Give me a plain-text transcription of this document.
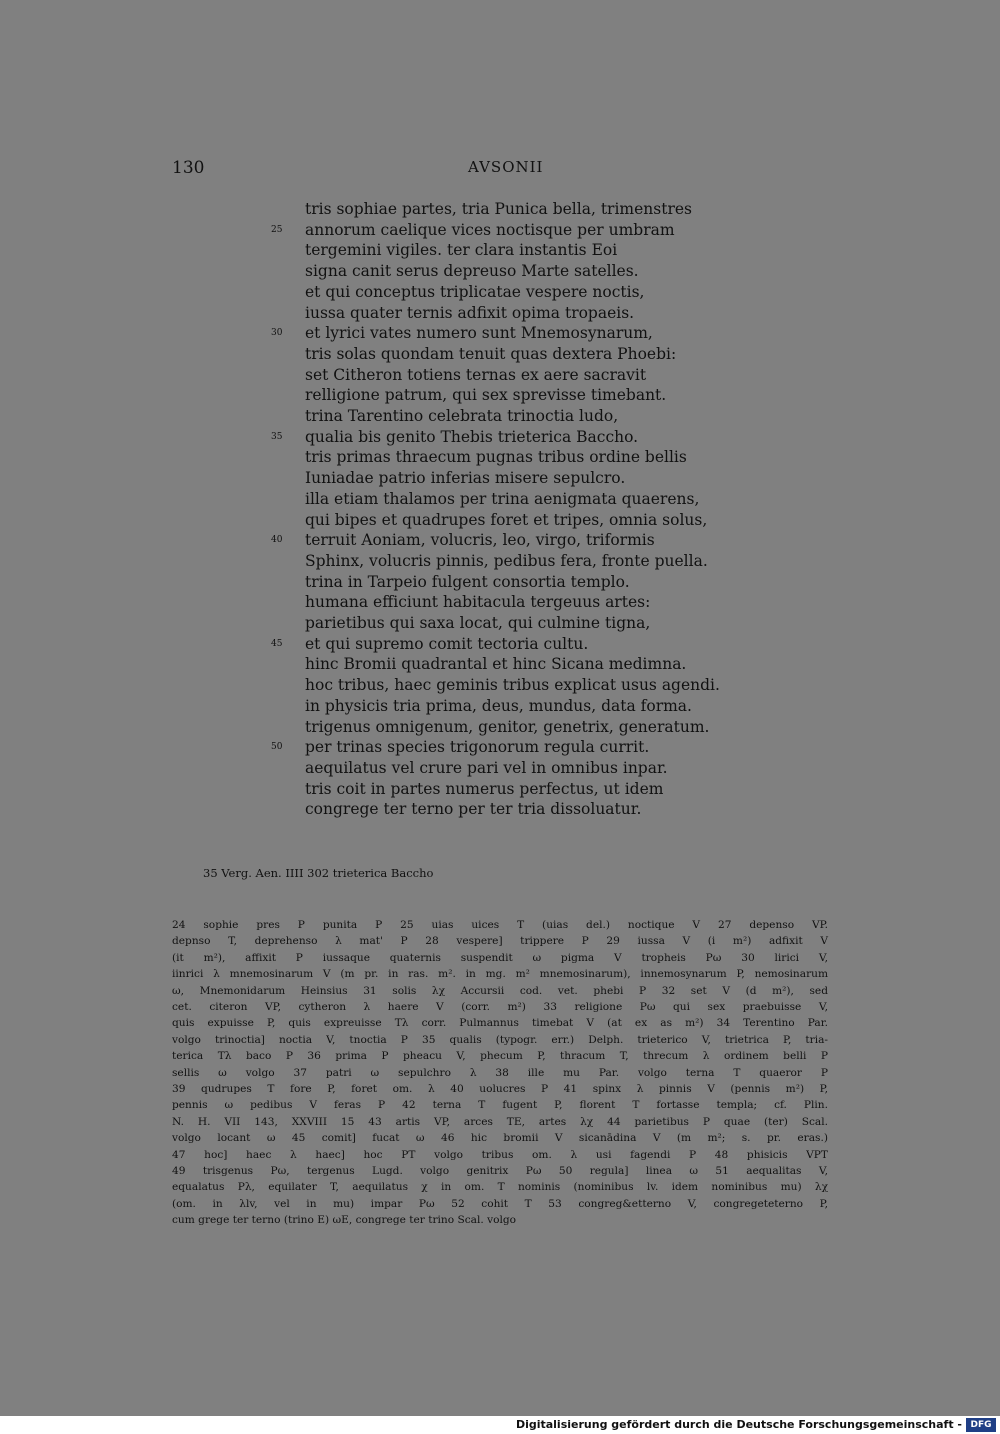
130	AVSONII
tris sophiae partes, tria Punica bella, trimenstres
annorum caelique vices noctisque per umbram
tergemini vigiles. ter clara instantis Eoi
signa canit serus depreuso Marte satelles.
et qui conceptus triplicatae vespere noctis,
iussa quater ternis adfixit opima tropaeis.
et lyrici vates numero sunt Mnemosynarum,
tris solas quondam tenuit quas dextera Phoebi:
set Citheron totiens ternas ex aere sacravit
relligione patrum, qui sex sprevisse timebant.
trina Tarentino celebrata trinoctia ludo,
qualia bis genito Thebis trieterica Baccho.
tris primas thraecum pugnas tribus ordine bellis
Iuniadae patrio inferias misere sepulcro.
illa etiam thalamos per trina aenigmata quaerens,
qui bipes et quadrupes foret et tripes, omnia solus,
terruit Aoniam, volucris, leo, virgo, triformis
Sphinx, volucris pinnis, pedibus fera, fronte puella.
trina in Tarpeio fulgent consortia templo.
humana efficiunt habitacula tergeuus artes:
parietibus qui saxa locat, qui culmine tigna,
et qui supremo comit tectoria cultu.
hinc Bromii quadrantal et hinc Sicana medimna.
hoc tribus, haec geminis tribus explicat usus agendi.
in physicis tria prima, deus, mundus, data forma.
trigenus omnigenum, genitor, genetrix, generatum.
per trinas species trigonorum regula currit.
aequilatus vel crure pari vel in omnibus inpar.
tris coit in partes numerus perfectus, ut idem
congrege ter terno per ter tria dissoluatur.
25
30
35
40
45
50
35 Verg. Aen. IIII 302 trieterica Baccho
24 sophie pres P punita P 25 uias uices T (uias del.) noctique V 27 depenso VP.
depnso T, deprehenso λ mat' P 28 vespere] trippere P 29 iussa V (i m²) adfixit V
(it m²), affixit P iussaque quaternis suspendit ω pigma V tropheis Pω 30 lirici V,
iinrici λ mnemosinarum V (m pr. in ras. m². in mg. m² mnemosinarum), innemosynarum P, nemosinarum
ω, Mnemonidarum Heinsius 31 solis λχ Accursii cod. vet. phebi P 32 set V (d m²), sed
cet. citeron VP, cytheron λ haere V (corr. m²) 33 religione Pω qui sex praebuisse V,
quis expuisse P, quis expreuisse Tλ corr. Pulmannus timebat V (at ex as m²) 34 Terentino Par.
volgo trinoctia] noctia V, tnoctia P 35 qualis (typogr. err.) Delph. trieterico V, trietrica P, tria-
terica Tλ baco P 36 prima P pheacu V, phecum P, thracum T, threcum λ ordinem belli P
sellis ω volgo 37 patri ω sepulchro λ 38 ille mu Par. volgo terna T quaeror P
39 qudrupes T fore P, foret om. λ 40 uolucres P 41 spinx λ pinnis V (pennis m²) P,
pennis ω pedibus V feras P 42 terna T fugent P, florent T fortasse templa; cf. Plin.
N. H. VII 143, XXVIII 15 43 artis VP, arces TE, artes λχ 44 parietibus P quae (ter) Scal.
volgo locant ω 45 comit] fucat ω 46 hic bromii V sicanādina V (m m²; s. pr. eras.)
47 hoc] haec λ haec] hoc PT volgo tribus om. λ usi fagendi P 48 phisicis VPT
49 trisgenus Pω, tergenus Lugd. volgo genitrix Pω 50 regula] linea ω 51 aequalitas V,
equalatus Pλ, equilater T, aequilatus χ in om. T nominis (nominibus lv. idem nominibus mu) λχ
(om. in λlv, vel in mu) impar Pω 52 cohit T 53 congreg&etterno V, congregeteterno P,
cum grege ter terno (trino E) ωE, congrege ter trino Scal. volgo
Digitalisierung gefördert durch die Deutsche Forschungsgemeinschaft - DFG
